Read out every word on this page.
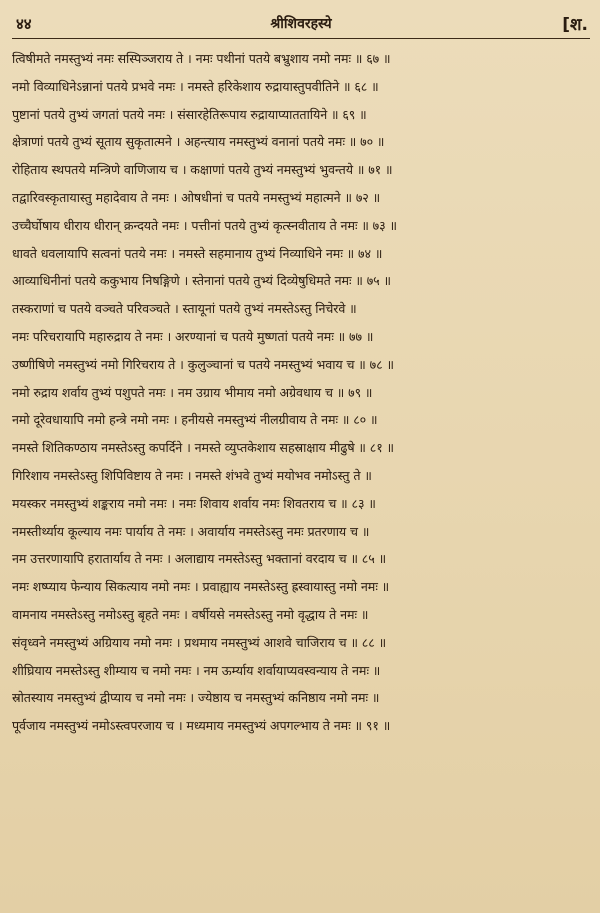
४४	श्रीशिवरहस्ये	[श.
त्विषीमते नमस्तुभ्यं नमः सस्पिञ्जराय ते । नमः पथीनां पतये बभ्रुशाय नमो नमः ॥ ६७ ॥
नमो विव्याधिनेऽन्नानां पतये प्रभवे नमः । नमस्ते हरिकेशाय रुद्रायास्तुपवीतिने ॥ ६८ ॥
पुष्टानां पतये तुभ्यं जगतां पतये नमः । संसारहेतिरूपाय रुद्रायाप्याततायिने ॥ ६९ ॥
क्षेत्राणां पतये तुभ्यं सूताय सुकृतात्मने । अहन्त्याय नमस्तुभ्यं वनानां पतये नमः ॥ ७० ॥
रोहिताय स्थपतये मन्त्रिणे वाणिजाय च । कक्षाणां पतये तुभ्यं नमस्तुभ्यं भुवन्तये ॥ ७१ ॥
तद्वारिवस्कृतायास्तु महादेवाय ते नमः । ओषधीनां च पतये नमस्तुभ्यं महात्मने ॥ ७२ ॥
उच्चैर्घोषाय धीराय धीरान् क्रन्दयते नमः । पत्तीनां पतये तुभ्यं कृत्स्नवीताय ते नमः ॥ ७३ ॥
धावते धवलायापि सत्वनां पतये नमः । नमस्ते सहमानाय तुभ्यं निव्याधिने नमः ॥ ७४ ॥
आव्याधिनीनां पतये ककुभाय निषङ्गिणे । स्तेनानां पतये तुभ्यं दिव्येषुधिमते नमः ॥ ७५ ॥
तस्कराणां च पतये वञ्चते परिवञ्चते । स्तायूनां पतये तुभ्यं नमस्तेऽस्तु निचेरवे ॥
नमः परिचरायापि महारुद्राय ते नमः । अरण्यानां च पतये मुष्णतां पतये नमः ॥ ७७ ॥
उष्णीषिणे नमस्तुभ्यं नमो गिरिचराय ते । कुलुञ्चानां च पतये नमस्तुभ्यं भवाय च ॥ ७८ ॥
नमो रुद्राय शर्वाय तुभ्यं पशुपते नमः । नम उग्राय भीमाय नमो अग्रेवधाय च ॥ ७९ ॥
नमो दूरेवधायापि नमो हन्त्रे नमो नमः । हनीयसे नमस्तुभ्यं नीलग्रीवाय ते नमः ॥ ८० ॥
नमस्ते शितिकण्ठाय नमस्तेऽस्तु कपर्दिने । नमस्ते व्युप्तकेशाय सहस्राक्षाय मीढुषे ॥ ८१ ॥
गिरिशाय नमस्तेऽस्तु शिपिविष्टाय ते नमः । नमस्ते शंभवे तुभ्यं मयोभव नमोऽस्तु ते ॥
मयस्कर नमस्तुभ्यं शङ्कराय नमो नमः । नमः शिवाय शर्वाय नमः शिवतराय च ॥ ८३ ॥
नमस्तीर्थ्याय कूल्याय नमः पार्याय ते नमः । अवार्याय नमस्तेऽस्तु नमः प्रतरणाय च ॥
नम उत्तरणायापि हरातार्याय ते नमः । अलाद्याय नमस्तेऽस्तु भक्तानां वरदाय च ॥ ८५ ॥
नमः शष्प्याय फेन्याय सिकत्याय नमो नमः । प्रवाह्याय नमस्तेऽस्तु ह्रस्वायास्तु नमो नमः ॥
वामनाय नमस्तेऽस्तु नमोऽस्तु बृहते नमः । वर्षीयसे नमस्तेऽस्तु नमो वृद्धाय ते नमः ॥
संवृध्वने नमस्तुभ्यं अग्रियाय नमो नमः । प्रथमाय नमस्तुभ्यं आशवे चाजिराय च ॥ ८८ ॥
शीघ्रियाय नमस्तेऽस्तु शीम्याय च नमो नमः । नम ऊर्म्याय शर्वायाप्यवस्वन्याय ते नमः ॥
स्रोतस्याय नमस्तुभ्यं द्वीप्याय च नमो नमः । ज्येष्ठाय च नमस्तुभ्यं कनिष्ठाय नमो नमः ॥
पूर्वजाय नमस्तुभ्यं नमोऽस्त्वपरजाय च । मध्यमाय नमस्तुभ्यं अपगल्भाय ते नमः ॥ ९१ ॥
